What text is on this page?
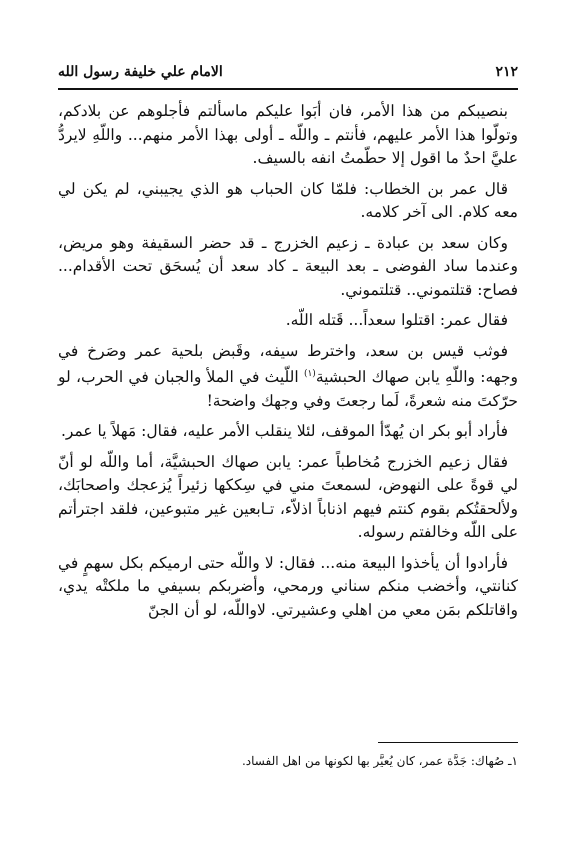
٢١٢
الامام علي خليفة رسول الله

بنصيبكم من هذا الأمر، فان أبَوا عليكم ماسألتم فأجلوهم عن بلادكم، وتولّوا هذا الأمر عليهم، فأنتم ـ واللّه ـ أولى بهذا الأمر منهم... واللّهِ لايردُّ عليَّ احدٌ ما اقول إلا حطّمتُ انفه بالسيف.

قال عمر بن الخطاب: فلمّا كان الحباب هو الذي يجيبني، لم يكن لي معه كلام. الى آخر كلامه.

وكان سعد بن عبادة ـ زعيم الخزرج ـ قد حضر السقيفة وهو مريض، وعندما ساد الفوضى ـ بعد البيعة ـ كاد سعد أن يُسحَق تحت الأقدام... فصاح: قتلتموني.. قتلتموني.

فقال عمر: اقتلوا سعداً... قَتله اللّه.

فوثب قيس بن سعد، واخترط سيفه، وقَبض بلحية عمر وصَرخ في وجهه: واللّهِ يابن صهاك الحبشية$^{(١)}$ اللّيث في الملأ والجبان في الحرب، لو حرّكتَ منه شعرةً، لَما رجعتَ وفي وجهك واضحة!

فأراد أبو بكر ان يُهدّأ الموقف، لئلا ينقلب الأمر عليه، فقال: مَهلاً يا عمر.

فقال زعيم الخزرج مُخاطباً عمر: يابن صهاك الحبشيَّة، أما واللّه لو أنّ لي قوةً على النهوض، لسمعتَ مني في سِككها زئيراً يُزعجك واصحابَك، ولألحقتُكم بقوم كنتم فيهم اذناباً اذلاّء، تـابعين غير متبوعين، فلقد اجترأتم على اللّه وخالفتم رسوله.

فأرادوا أن يأخذوا البيعة منه... فقال: لا واللّه حتى ارميكم بكل سهمٍ في كنانتي، وأخضب منكم سناني ورمحي، وأضربكم بسيفي ما ملكتْه يدي، واقاتلكم بمَن معي من اهلي وعشيرتي. لاواللّه، لو أن الجنّ

١ـ صُهاك: جَدَّة عمر، كان يُعيَّر بها لكونها من اهل الفساد.
